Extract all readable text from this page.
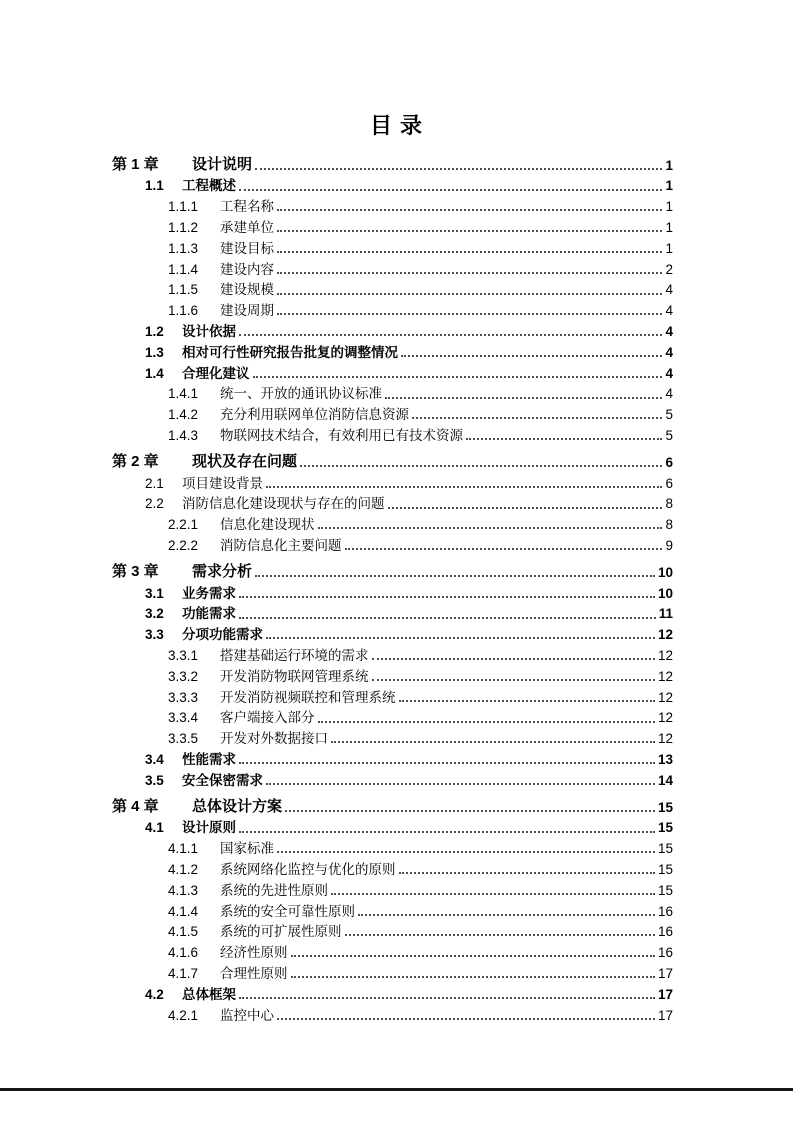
目 录
第 1 章	设计说明	1
1.1	工程概述	1
1.1.1	工程名称	1
1.1.2	承建单位	1
1.1.3	建设目标	1
1.1.4	建设内容	2
1.1.5	建设规模	4
1.1.6	建设周期	4
1.2	设计依据	4
1.3	相对可行性研究报告批复的调整情况	4
1.4	合理化建议	4
1.4.1	统一、开放的通讯协议标准	4
1.4.2	充分利用联网单位消防信息资源	5
1.4.3	物联网技术结合，有效利用已有技术资源	5
第 2 章	现状及存在问题	6
2.1	项目建设背景	6
2.2	消防信息化建设现状与存在的问题	8
2.2.1	信息化建设现状	8
2.2.2	消防信息化主要问题	9
第 3 章	需求分析	10
3.1	业务需求	10
3.2	功能需求	11
3.3	分项功能需求	12
3.3.1	搭建基础运行环境的需求	12
3.3.2	开发消防物联网管理系统	12
3.3.3	开发消防视频联控和管理系统	12
3.3.4	客户端接入部分	12
3.3.5	开发对外数据接口	12
3.4	性能需求	13
3.5	安全保密需求	14
第 4 章	总体设计方案	15
4.1	设计原则	15
4.1.1	国家标准	15
4.1.2	系统网络化监控与优化的原则	15
4.1.3	系统的先进性原则	15
4.1.4	系统的安全可靠性原则	16
4.1.5	系统的可扩展性原则	16
4.1.6	经济性原则	16
4.1.7	合理性原则	17
4.2	总体框架	17
4.2.1	监控中心	17
